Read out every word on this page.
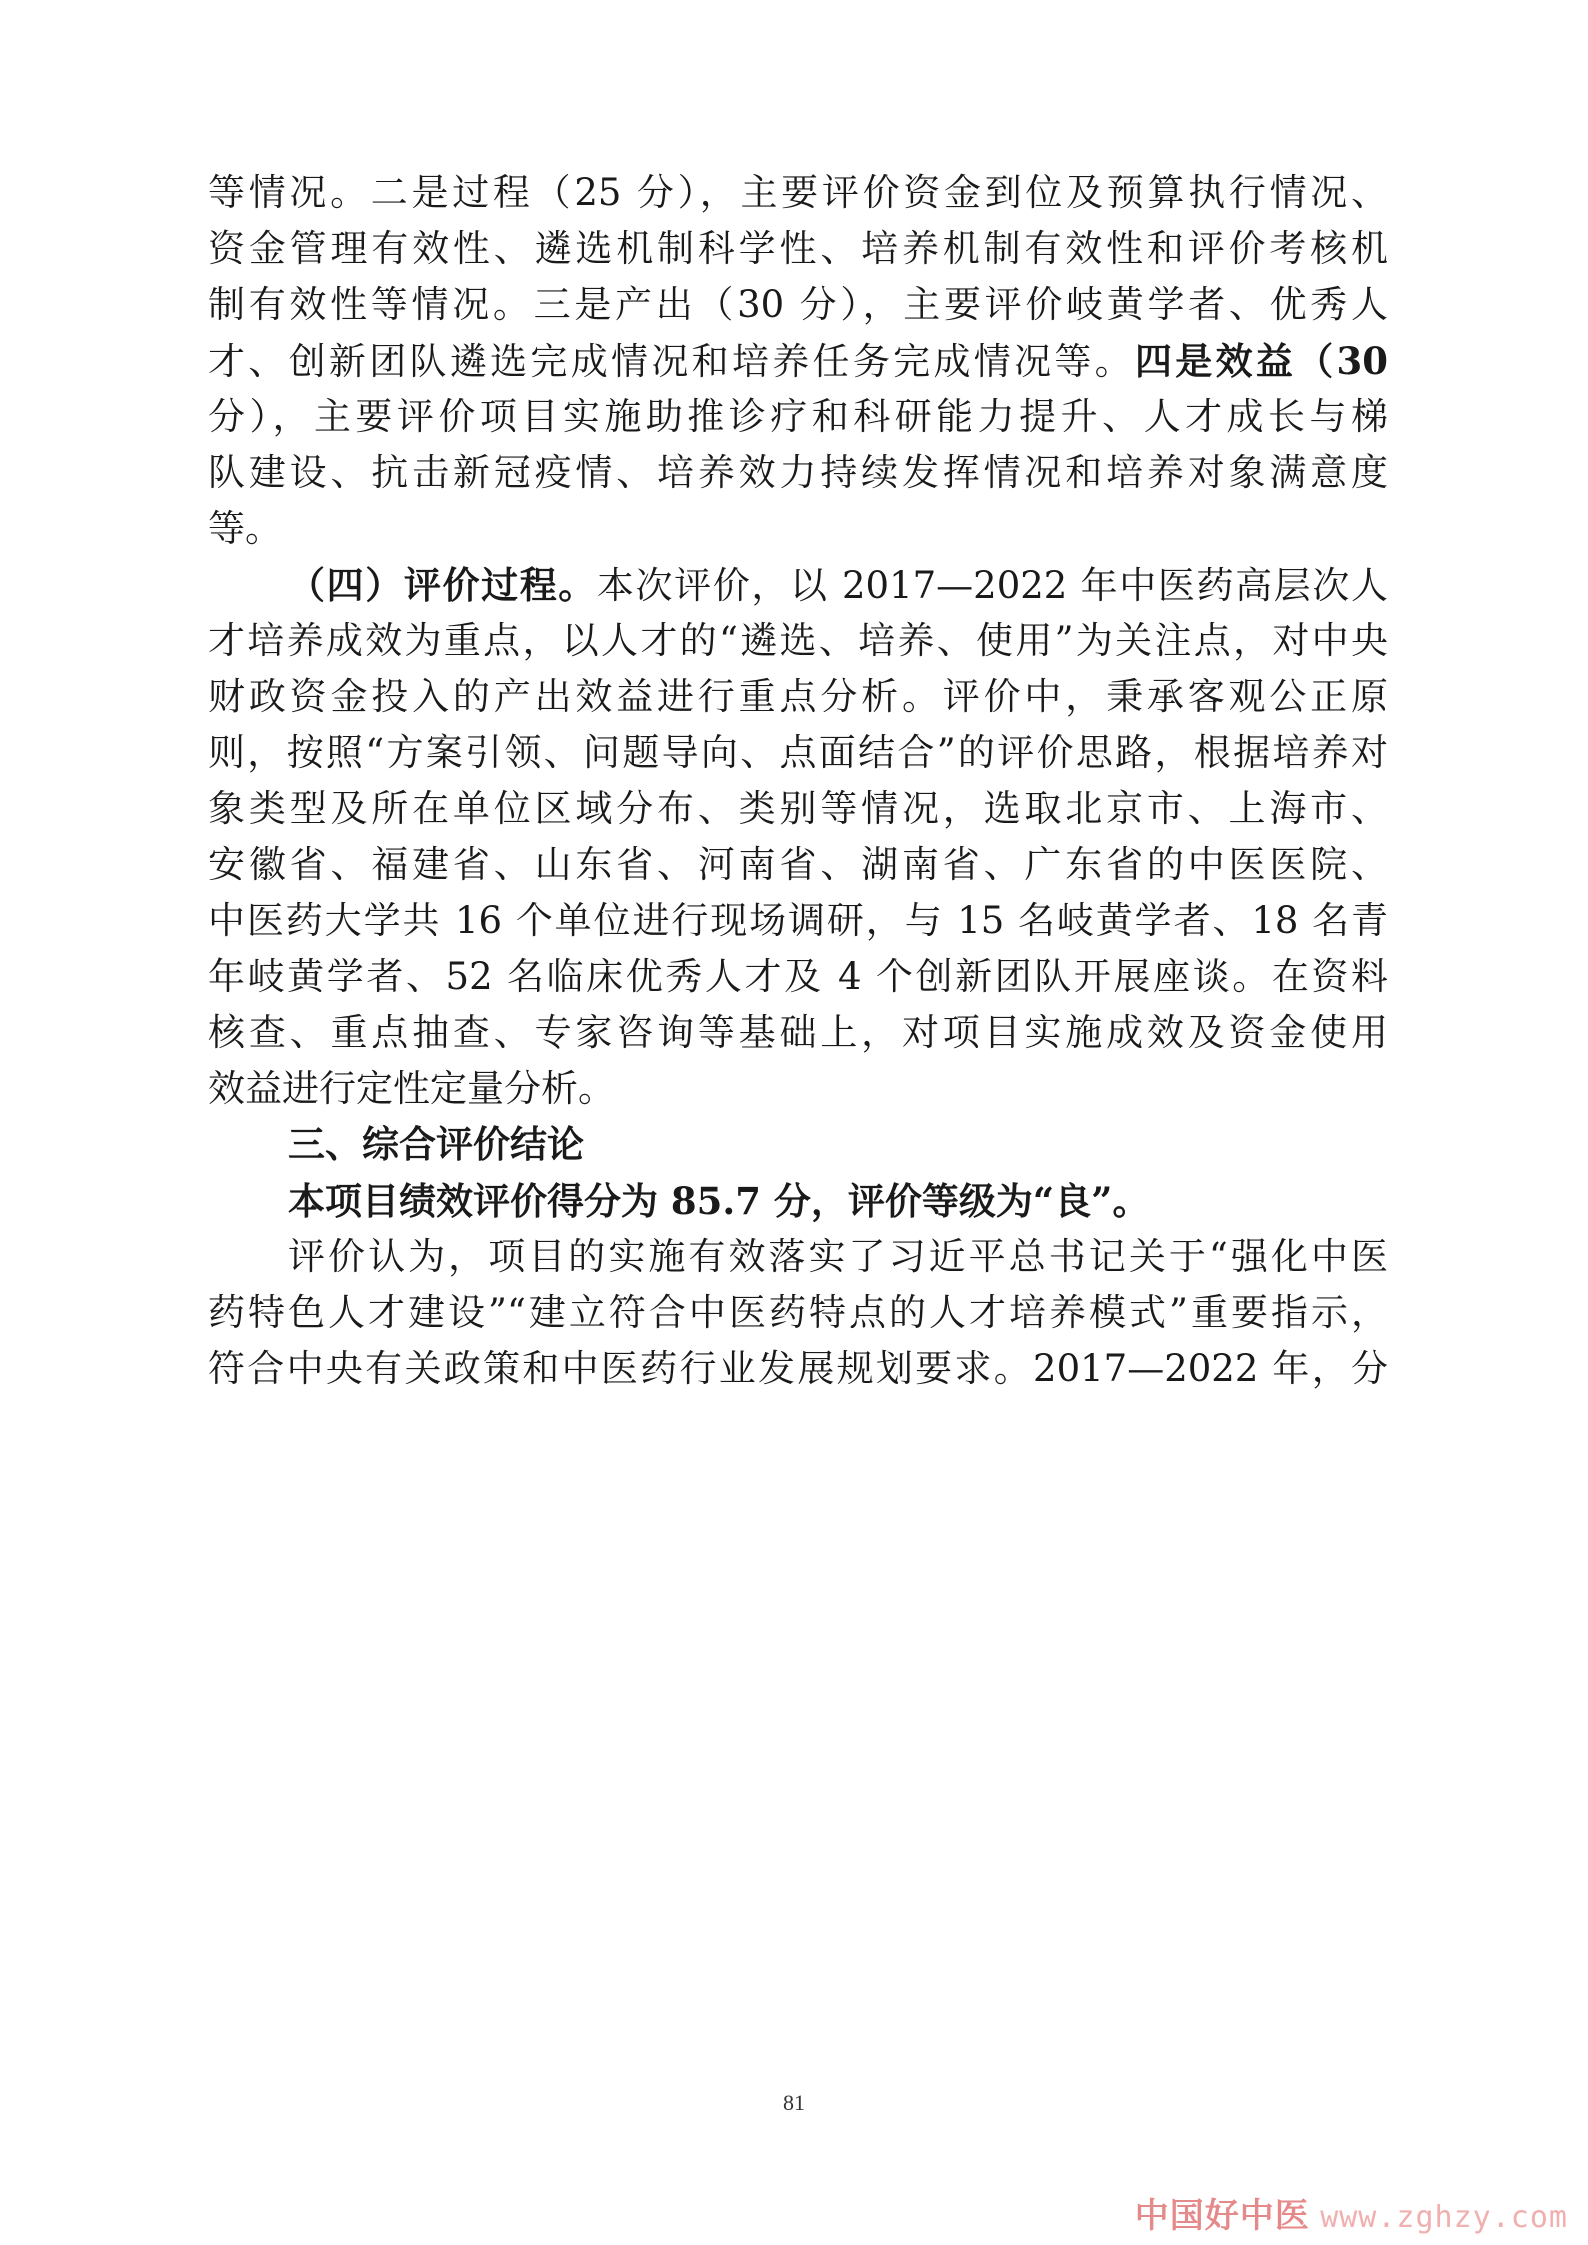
等情况。二是过程（25 分），主要评价资金到位及预算执行情况、
资金管理有效性、遴选机制科学性、培养机制有效性和评价考核机
制有效性等情况。三是产出（30 分），主要评价岐黄学者、优秀人
才、创新团队遴选完成情况和培养任务完成情况等。四是效益（30
分），主要评价项目实施助推诊疗和科研能力提升、人才成长与梯
队建设、抗击新冠疫情、培养效力持续发挥情况和培养对象满意度
等。
（四）评价过程。本次评价，以 2017—2022 年中医药高层次人
才培养成效为重点，以人才的“遴选、培养、使用”为关注点，对中央
财政资金投入的产出效益进行重点分析。评价中，秉承客观公正原
则，按照“方案引领、问题导向、点面结合”的评价思路，根据培养对
象类型及所在单位区域分布、类别等情况，选取北京市、上海市、
安徽省、福建省、山东省、河南省、湖南省、广东省的中医医院、
中医药大学共 16 个单位进行现场调研，与 15 名岐黄学者、18 名青
年岐黄学者、52 名临床优秀人才及 4 个创新团队开展座谈。在资料
核查、重点抽查、专家咨询等基础上，对项目实施成效及资金使用
效益进行定性定量分析。
三、综合评价结论
本项目绩效评价得分为 85.7 分，评价等级为“良”。
评价认为，项目的实施有效落实了习近平总书记关于“强化中医
药特色人才建设”“建立符合中医药特点的人才培养模式”重要指示，
符合中央有关政策和中医药行业发展规划要求。2017—2022 年，分
81
中国好中医 www.zghzy.com
